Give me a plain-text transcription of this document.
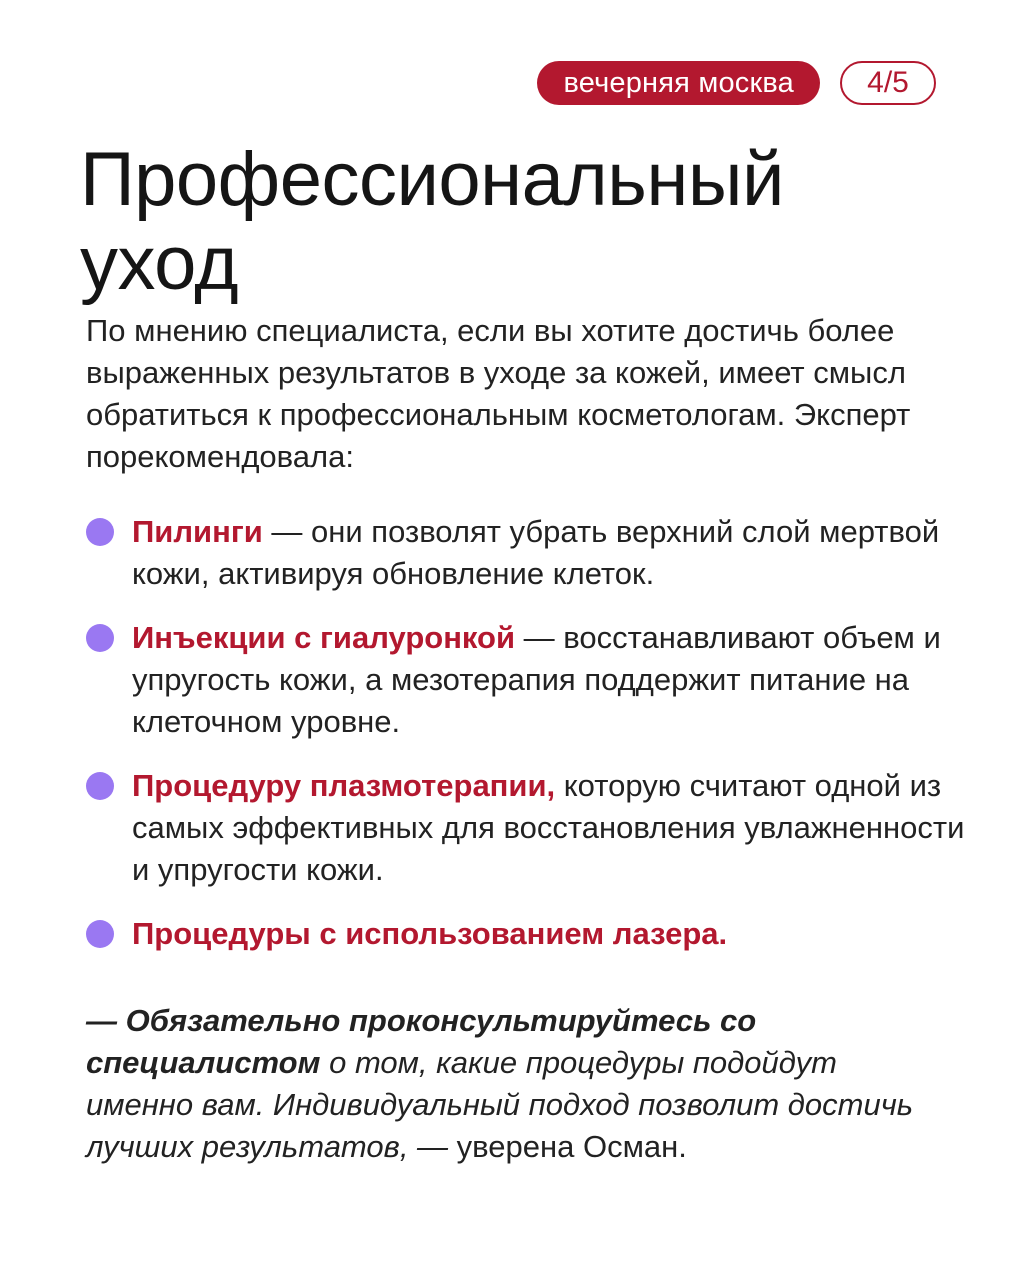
вечерняя москва	4/5
Профессиональный уход

По мнению специалиста, если вы хотите достичь более выраженных результатов в уходе за кожей, имеет смысл обратиться к профессиональным косметологам. Эксперт порекомендовала:

Пилинги — они позволят убрать верхний слой мертвой кожи, активируя обновление клеток.
Инъекции с гиалуронкой — восстанавливают объем и упругость кожи, а мезотерапия поддержит питание на клеточном уровне.
Процедуру плазмотерапии, которую считают одной из самых эффективных для восстановления увлажненности и упругости кожи.
Процедуры с использованием лазера.

— Обязательно проконсультируйтесь со специалистом о том, какие процедуры подойдут именно вам. Индивидуальный подход позволит достичь лучших результатов, — уверена Осман.
